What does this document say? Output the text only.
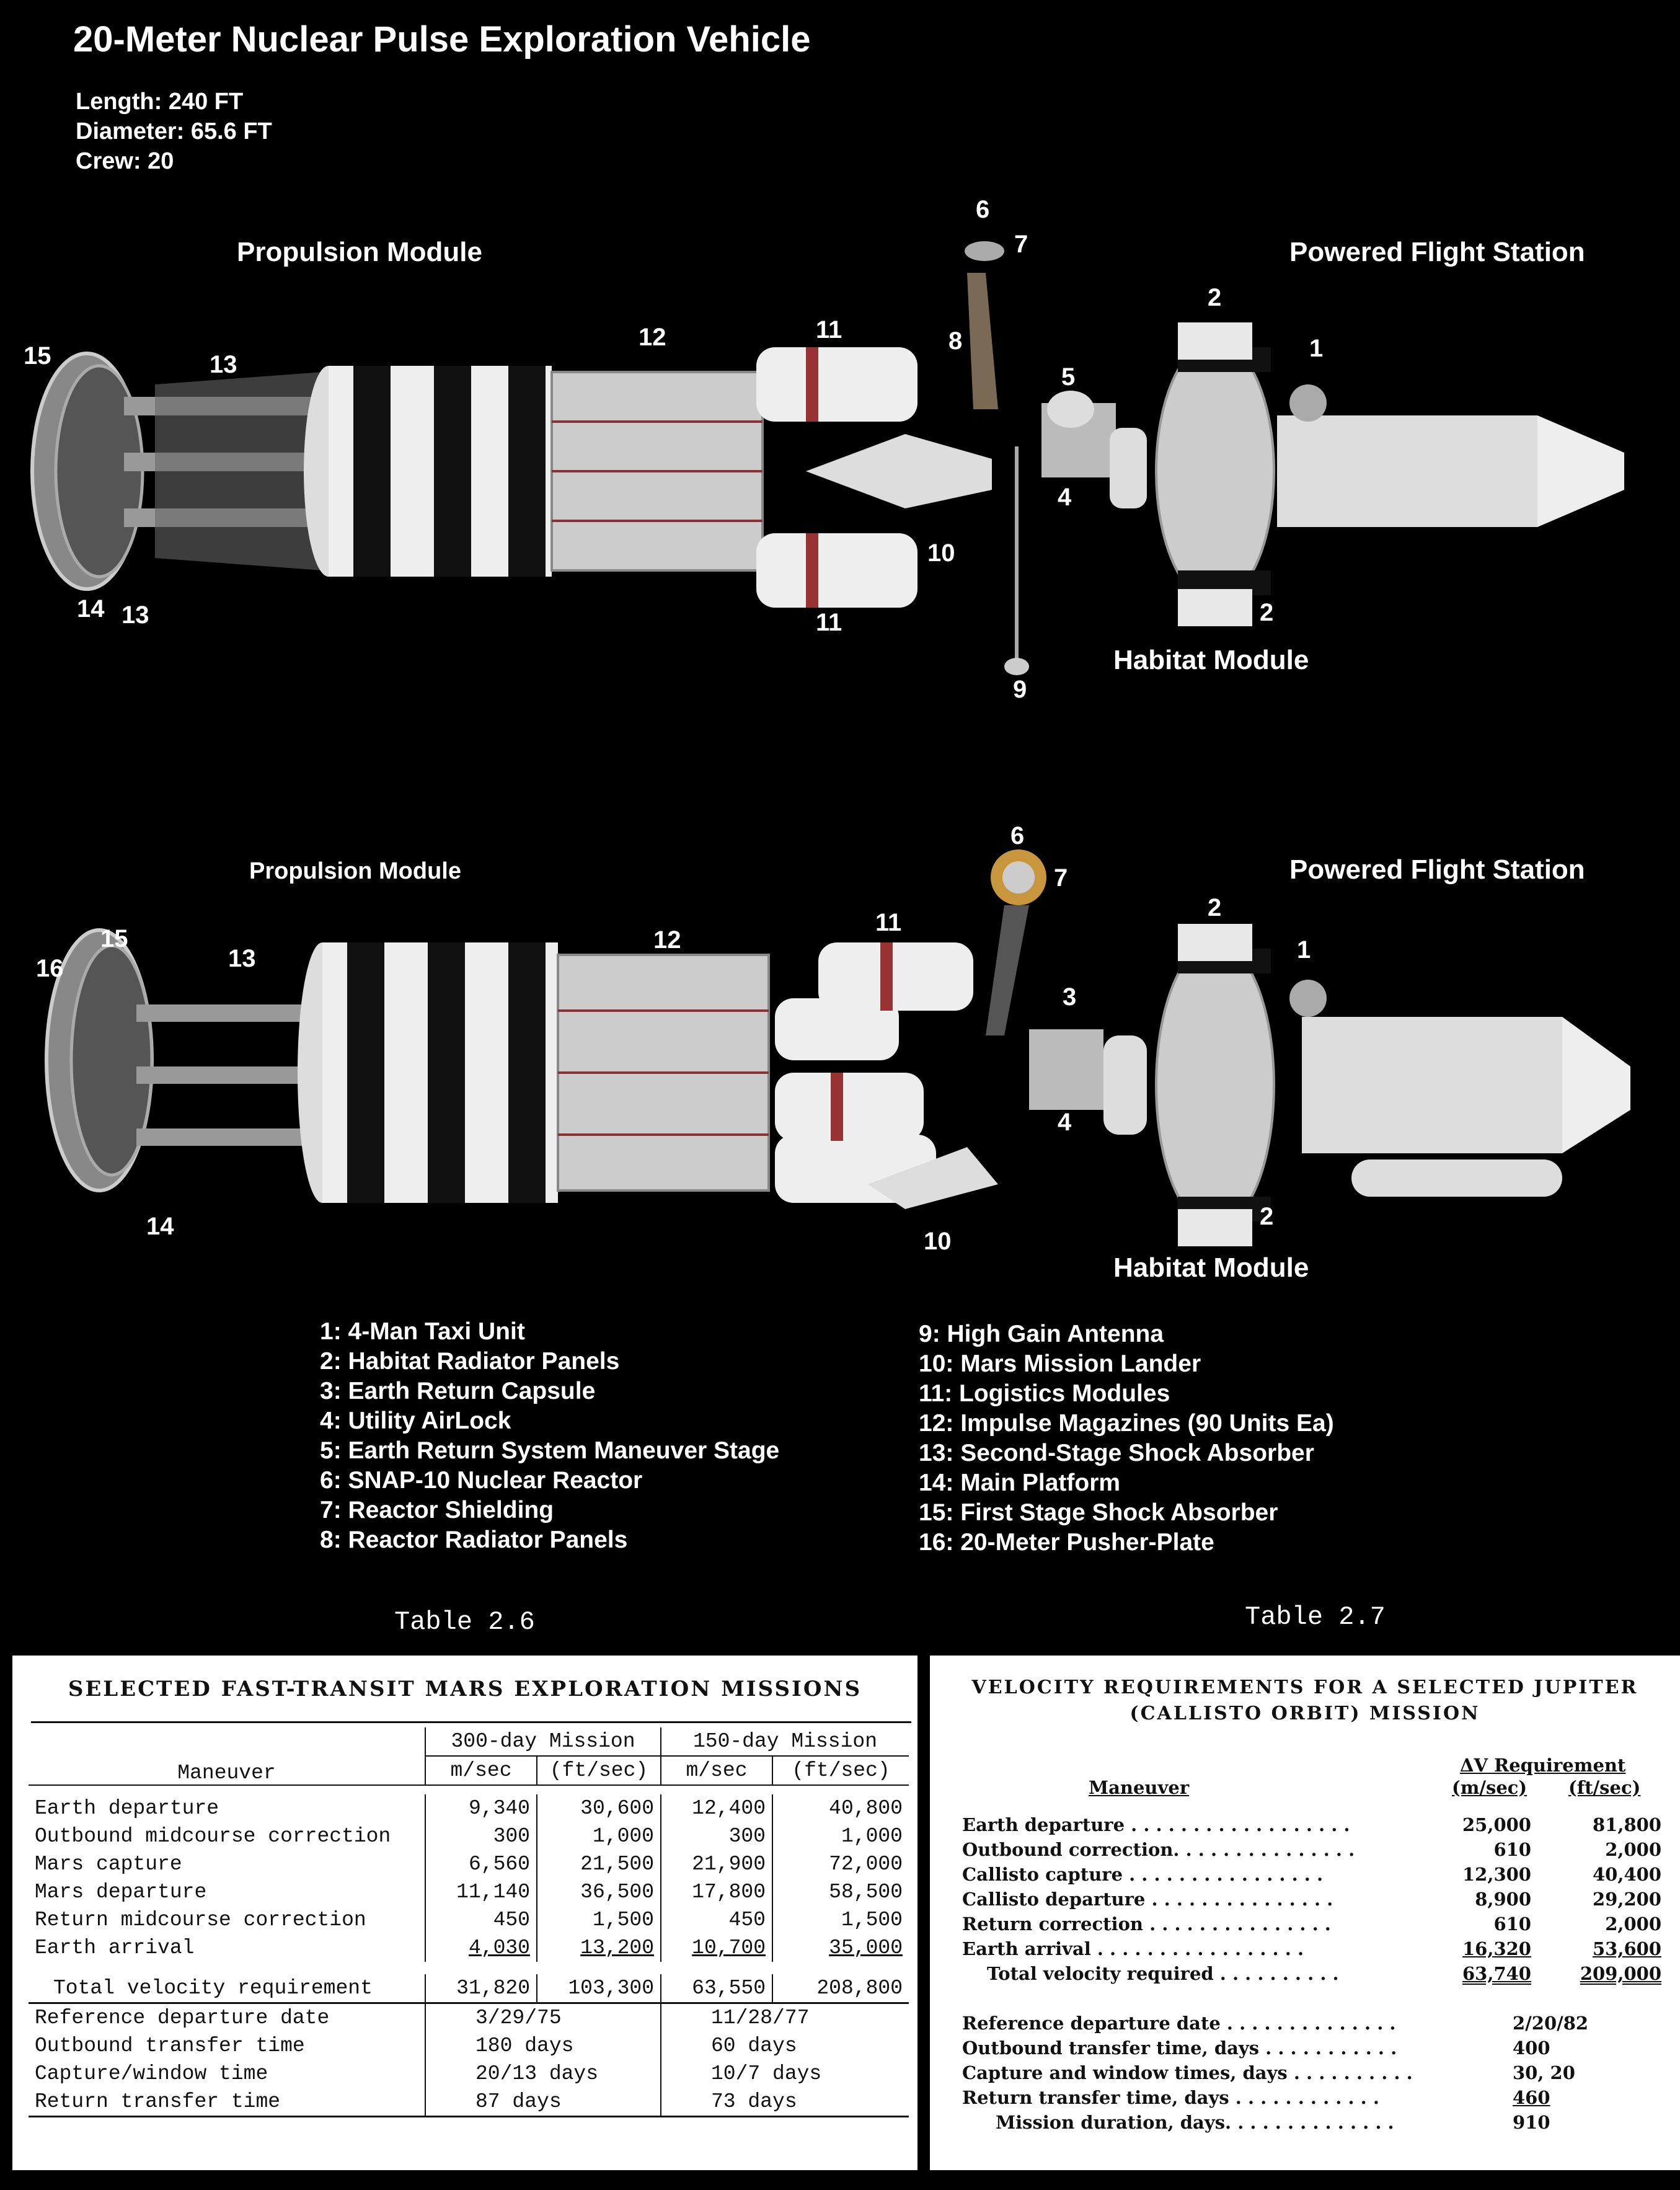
20-Meter Nuclear Pulse Exploration Vehicle
Length: 240 FT
Diameter: 65.6 FT
Crew: 20
Propulsion Module	Powered Flight Station
Habitat Module
15	13
12	11
11
10
6
7
8
9
5
4
2
2
1
14 13
Propulsion Module	Powered Flight Station
Habitat Module
16
15
13
12
11
10
6
7
3
4
2
2
1
14
1: 4-Man Taxi Unit
2: Habitat Radiator Panels
3: Earth Return Capsule
4: Utility AirLock
5: Earth Return System Maneuver Stage
6: SNAP-10 Nuclear Reactor
7: Reactor Shielding
8: Reactor Radiator Panels
9: High Gain Antenna
10: Mars Mission Lander
11: Logistics Modules
12: Impulse Magazines (90 Units Ea)
13: Second-Stage Shock Absorber
14: Main Platform
15: First Stage Shock Absorber
16: 20-Meter Pusher-Plate
Table 2.6	Table 2.7
SELECTED FAST-TRANSIT MARS EXPLORATION MISSIONS
Maneuver	300-day Mission		150-day Mission	
	m/sec	(ft/sec)	m/sec	(ft/sec)

Earth departure	9,340	30,600	12,400	40,800
Outbound midcourse correction	300	1,000	300	1,000
Mars capture	6,560	21,500	21,900	72,000
Mars departure	11,140	36,500	17,800	58,500
Return midcourse correction	450	1,500	450	1,500
Earth arrival	4,030	13,200	10,700	35,000

Total velocity requirement	31,820	103,300	63,550	208,800
Reference departure date	3/29/75		11/28/77	
Outbound transfer time	180 days		60 days	
Capture/window time	20/13 days		10/7 days	
Return transfer time	87 days		73 days	
VELOCITY REQUIREMENTS FOR A SELECTED JUPITER
(CALLISTO ORBIT) MISSION
ΔV Requirement
Maneuver	(m/sec) (ft/sec)
Earth departure . . . . . . . . . . . . . . . . . .	25,000	81,800
Outbound correction. . . . . . . . . . . . . . .	610	2,000
Callisto capture . . . . . . . . . . . . . . . .	12,300	40,400
Callisto departure . . . . . . . . . . . . . . .	8,900	29,200
Return correction . . . . . . . . . . . . . . .	610	2,000
Earth arrival . . . . . . . . . . . . . . . . .	16,320	53,600
Total velocity required . . . . . . . . . .	63,740	209,000
Reference departure date . . . . . . . . . . . . . .	2/20/82
Outbound transfer time, days . . . . . . . . . . .	400
Capture and window times, days . . . . . . . . . .	30, 20
Return transfer time, days . . . . . . . . . . . .	460
Mission duration, days. . . . . . . . . . . . . .	910
